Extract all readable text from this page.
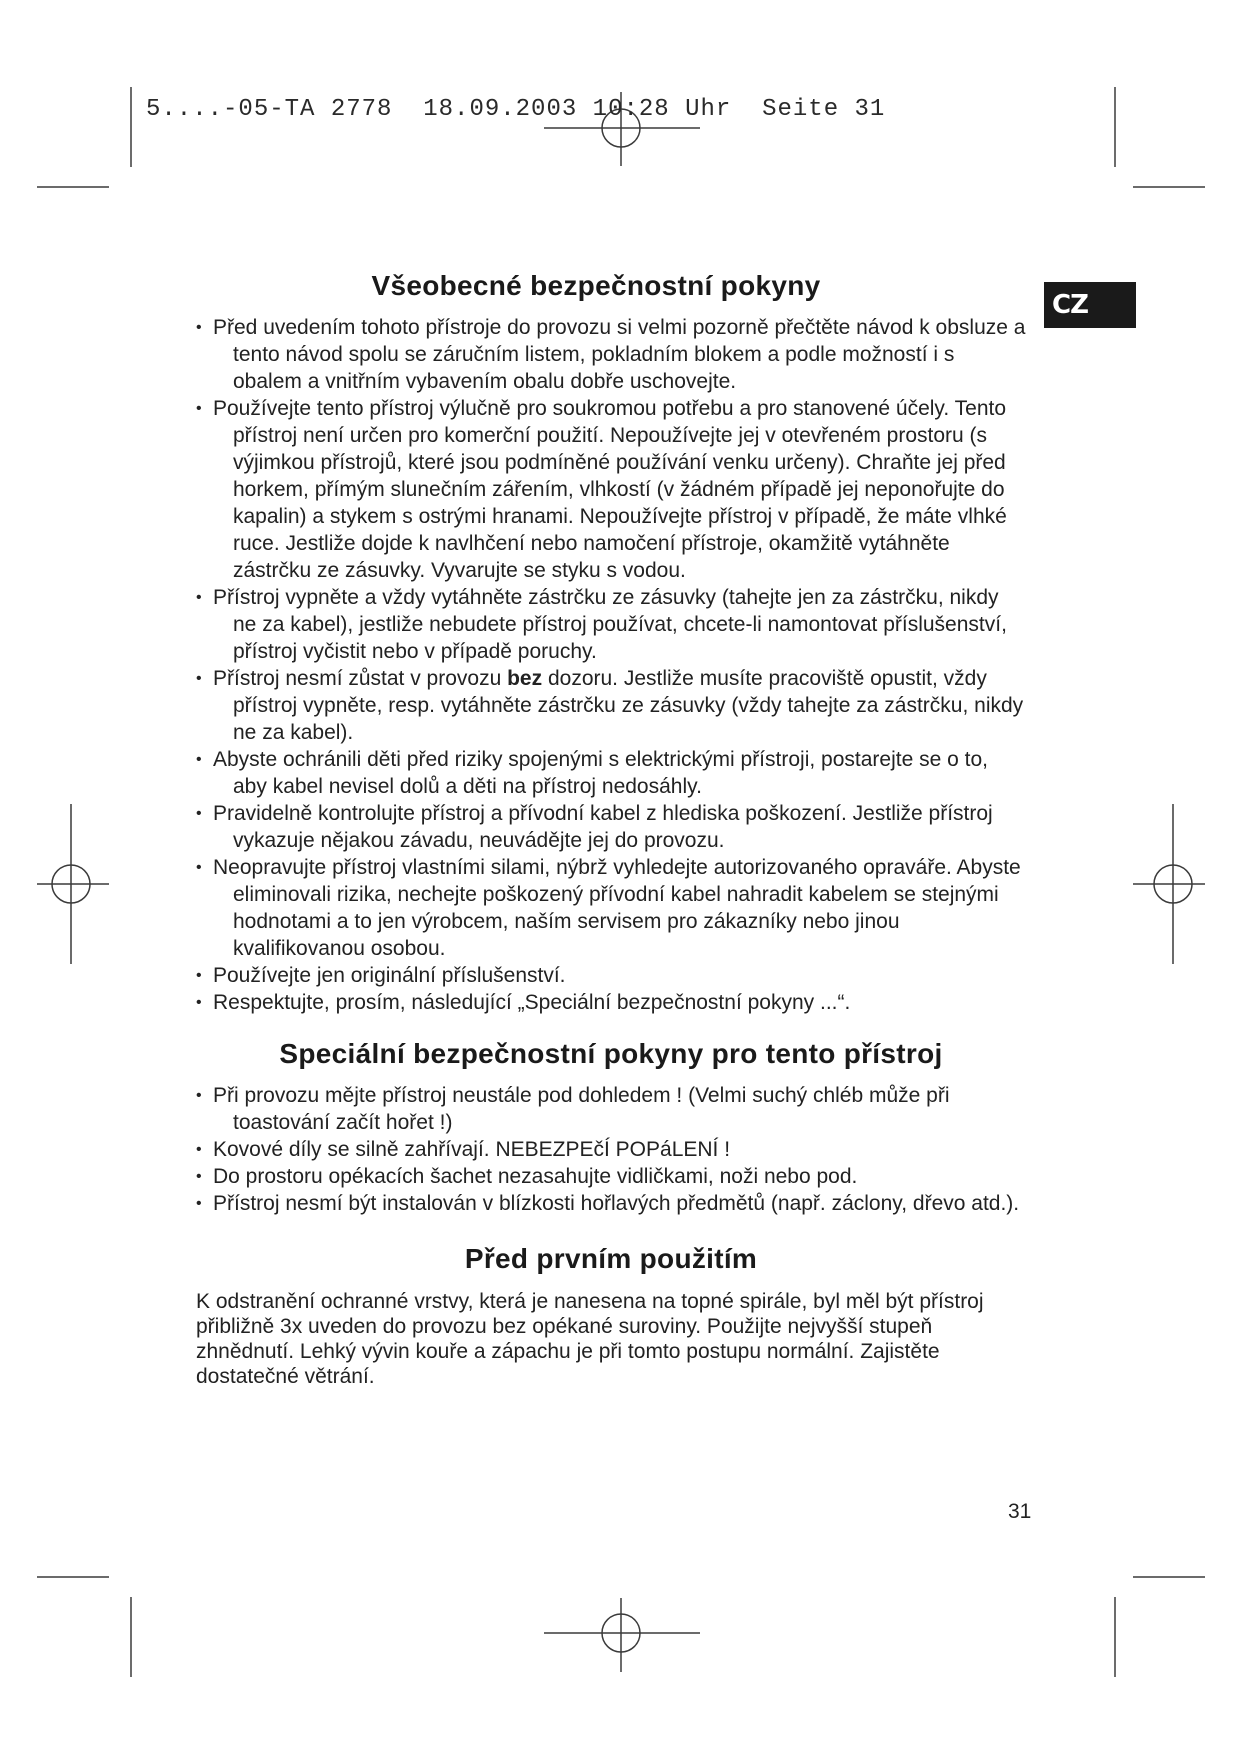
5....-05-TA 2778  18.09.2003 10:28 Uhr  Seite 31
CZ
Všeobecné bezpečnostní pokyny
• Před uvedením tohoto přístroje do provozu si velmi pozorně přečtěte návod k obsluze a tento návod spolu se záručním listem, pokladním blokem a podle možností i s obalem a vnitřním vybavením obalu dobře uschovejte.
• Používejte tento přístroj výlučně pro soukromou potřebu a pro stanovené účely. Tento přístroj není určen pro komerční použití. Nepoužívejte jej v otevřeném prostoru (s výjimkou přístrojů, které jsou podmíněné používání venku určeny). Chraňte jej před horkem, přímým slunečním zářením, vlhkostí (v žádném případě jej neponořujte do kapalin) a stykem s ostrými hranami. Nepoužívejte přístroj v případě, že máte vlhké ruce. Jestliže dojde k navlhčení nebo namočení přístroje, okamžitě vytáhněte zástrčku ze zásuvky. Vyvarujte se styku s vodou.
• Přístroj vypněte a vždy vytáhněte zástrčku ze zásuvky (tahejte jen za zástrčku, nikdy ne za kabel), jestliže nebudete přístroj používat, chcete-li namontovat příslušenství, přístroj vyčistit nebo v případě poruchy.
• Přístroj nesmí zůstat v provozu bez dozoru. Jestliže musíte pracoviště opustit, vždy přístroj vypněte, resp. vytáhněte zástrčku ze zásuvky (vždy tahejte za zástrčku, nikdy ne za kabel).
• Abyste ochránili děti před riziky spojenými s elektrickými přístroji, postarejte se o to, aby kabel nevisel dolů a děti na přístroj nedosáhly.
• Pravidelně kontrolujte přístroj a přívodní kabel z hlediska poškození. Jestliže přístroj vykazuje nějakou závadu, neuvádějte jej do provozu.
• Neopravujte přístroj vlastními silami, nýbrž vyhledejte autorizovaného opraváře. Abyste eliminovali rizika, nechejte poškozený přívodní kabel nahradit kabelem se stejnými hodnotami a to jen výrobcem, naším servisem pro zákazníky nebo jinou kvalifikovanou osobou.
• Používejte jen originální příslušenství.
• Respektujte, prosím, následující „Speciální bezpečnostní pokyny ...“.
Speciální bezpečnostní pokyny pro tento přístroj
• Při provozu mějte přístroj neustále pod dohledem ! (Velmi suchý chléb může při toastování začít hořet !)
• Kovové díly se silně zahřívají. NEBEZPEčÍ POPáLENÍ !
• Do prostoru opékacích šachet nezasahujte vidličkami, noži nebo pod.
• Přístroj nesmí být instalován v blízkosti hořlavých předmětů (např. záclony, dřevo atd.).
Před prvním použitím

K odstranění ochranné vrstvy, která je nanesena na topné spirále, byl měl být přístroj přibližně 3x uveden do provozu bez opékané suroviny. Použijte nejvyšší stupeň zhnědnutí. Lehký vývin kouře a zápachu je při tomto postupu normální. Zajistěte dostatečné větrání.

31
